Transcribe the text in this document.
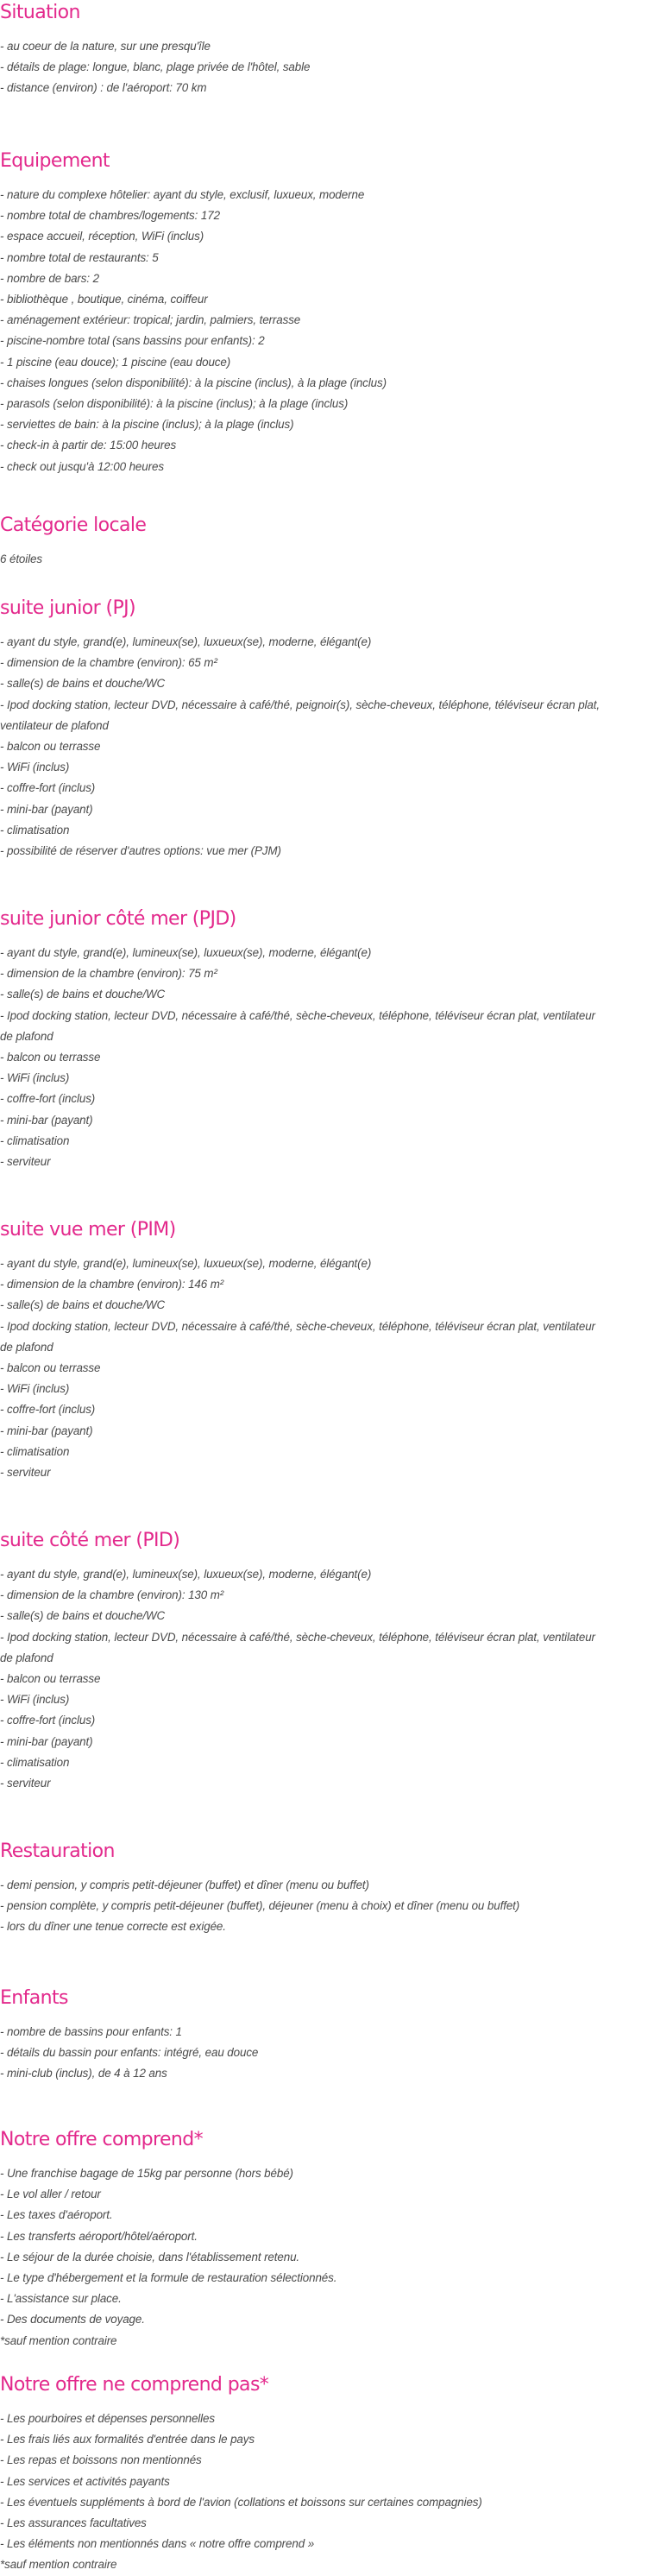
Situation
- au coeur de la nature, sur une presqu'île
- détails de plage: longue, blanc, plage privée de l'hôtel, sable
- distance (environ) : de l'aéroport: 70 km
Equipement
- nature du complexe hôtelier: ayant du style, exclusif, luxueux, moderne
- nombre total de chambres/logements: 172
- espace accueil, réception, WiFi (inclus)
- nombre total de restaurants: 5
- nombre de bars: 2
- bibliothèque , boutique, cinéma, coiffeur
- aménagement extérieur: tropical; jardin, palmiers, terrasse
- piscine-nombre total (sans bassins pour enfants): 2
- 1 piscine (eau douce); 1 piscine (eau douce)
- chaises longues (selon disponibilité): à la piscine (inclus), à la plage (inclus)
- parasols (selon disponibilité): à la piscine (inclus); à la plage (inclus)
- serviettes de bain: à la piscine (inclus); à la plage (inclus)
- check-in à partir de: 15:00 heures
- check out jusqu'à 12:00 heures
Catégorie locale
6 étoiles
suite junior (PJ)
- ayant du style, grand(e), lumineux(se), luxueux(se), moderne, élégant(e)
- dimension de la chambre (environ): 65 m²
- salle(s) de bains et douche/WC
- Ipod docking station, lecteur DVD, nécessaire à café/thé, peignoir(s), sèche-cheveux, téléphone, téléviseur écran plat,
ventilateur de plafond
- balcon ou terrasse
- WiFi (inclus)
- coffre-fort (inclus)
- mini-bar (payant)
- climatisation
- possibilité de réserver d'autres options: vue mer (PJM)
suite junior côté mer (PJD)
- ayant du style, grand(e), lumineux(se), luxueux(se), moderne, élégant(e)
- dimension de la chambre (environ): 75 m²
- salle(s) de bains et douche/WC
- Ipod docking station, lecteur DVD, nécessaire à café/thé, sèche-cheveux, téléphone, téléviseur écran plat, ventilateur
de plafond
- balcon ou terrasse
- WiFi (inclus)
- coffre-fort (inclus)
- mini-bar (payant)
- climatisation
- serviteur
suite vue mer (PIM)
- ayant du style, grand(e), lumineux(se), luxueux(se), moderne, élégant(e)
- dimension de la chambre (environ): 146 m²
- salle(s) de bains et douche/WC
- Ipod docking station, lecteur DVD, nécessaire à café/thé, sèche-cheveux, téléphone, téléviseur écran plat, ventilateur
de plafond
- balcon ou terrasse
- WiFi (inclus)
- coffre-fort (inclus)
- mini-bar (payant)
- climatisation
- serviteur
suite côté mer (PID)
- ayant du style, grand(e), lumineux(se), luxueux(se), moderne, élégant(e)
- dimension de la chambre (environ): 130 m²
- salle(s) de bains et douche/WC
- Ipod docking station, lecteur DVD, nécessaire à café/thé, sèche-cheveux, téléphone, téléviseur écran plat, ventilateur
de plafond
- balcon ou terrasse
- WiFi (inclus)
- coffre-fort (inclus)
- mini-bar (payant)
- climatisation
- serviteur
Restauration
- demi pension, y compris petit-déjeuner (buffet) et dîner (menu ou buffet)
- pension complète, y compris petit-déjeuner (buffet), déjeuner (menu à choix) et dîner (menu ou buffet)
- lors du dîner une tenue correcte est exigée.
Enfants
- nombre de bassins pour enfants: 1
- détails du bassin pour enfants: intégré, eau douce
- mini-club (inclus), de 4 à 12 ans
Notre offre comprend*
- Une franchise bagage de 15kg par personne (hors bébé)
- Le vol aller / retour
- Les taxes d'aéroport.
- Les transferts aéroport/hôtel/aéroport.
- Le séjour de la durée choisie, dans l'établissement retenu.
- Le type d'hébergement et la formule de restauration sélectionnés.
- L'assistance sur place.
- Des documents de voyage.
*sauf mention contraire
Notre offre ne comprend pas*
- Les pourboires et dépenses personnelles
- Les frais liés aux formalités d'entrée dans le pays
- Les repas et boissons non mentionnés
- Les services et activités payants
- Les éventuels suppléments à bord de l'avion (collations et boissons sur certaines compagnies)
- Les assurances facultatives
- Les éléments non mentionnés dans « notre offre comprend »
*sauf mention contraire
